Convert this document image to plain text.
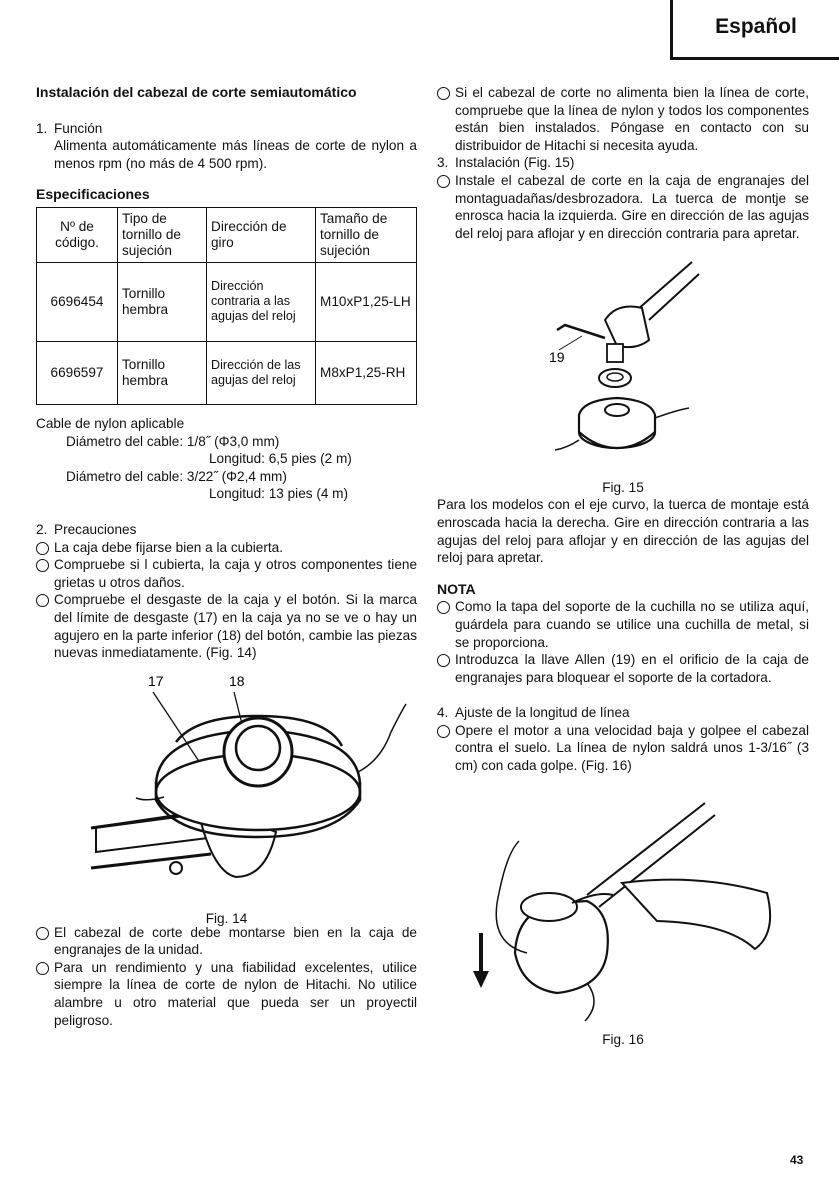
Español
Instalación del cabezal de corte semiautomático
1. Función
Alimenta automáticamente más líneas de corte de nylon a menos rpm (no más de 4 500 rpm).
Especificaciones
Nº de código.	Tipo de tornillo de sujeción	Dirección de giro	Tamaño de tornillo de sujeción
6696454	Tornillo hembra	Dirección contraria a las agujas del reloj	M10xP1,25-LH
6696597	Tornillo hembra	Dirección de las agujas del reloj	M8xP1,25-RH
Cable de nylon aplicable
Diámetro del cable: 1/8˝ (Φ3,0 mm)
Longitud: 6,5 pies (2 m)
Diámetro del cable: 3/22˝ (Φ2,4 mm)
Longitud: 13 pies (4 m)
2. Precauciones
La caja debe fijarse bien a la cubierta.
Compruebe si l cubierta, la caja y otros componentes tiene grietas u otros daños.
Compruebe el desgaste de la caja y el botón. Si la marca del límite de desgaste (17) en la caja ya no se ve o hay un agujero en la parte inferior (18) del botón, cambie las piezas nuevas inmediatamente. (Fig. 14)
17	18
Fig. 14
El cabezal de corte debe montarse bien en la caja de engranajes de la unidad.
Para un rendimiento y una fiabilidad excelentes, utilice siempre la línea de corte de nylon de Hitachi. No utilice alambre u otro material que pueda ser un proyectil peligroso.
Si el cabezal de corte no alimenta bien la línea de corte, compruebe que la línea de nylon y todos los componentes están bien instalados. Póngase en contacto con su distribuidor de Hitachi si necesita ayuda.
3. Instalación (Fig. 15)
Instale el cabezal de corte en la caja de engranajes del montaguadañas/desbrozadora. La tuerca de montje se enrosca hacia la izquierda. Gire en dirección de las agujas del reloj para aflojar y en dirección contraria para apretar.
19
Fig. 15
Para los modelos con el eje curvo, la tuerca de montaje está enroscada hacia la derecha. Gire en dirección contraria a las agujas del reloj para aflojar y en dirección de las agujas del reloj para apretar.
NOTA
Como la tapa del soporte de la cuchilla no se utiliza aquí, guárdela para cuando se utilice una cuchilla de metal, si se proporciona.
Introduzca la llave Allen (19) en el orificio de la caja de engranajes para bloquear el soporte de la cortadora.
4. Ajuste de la longitud de línea
Opere el motor a una velocidad baja y golpee el cabezal contra el suelo. La línea de nylon saldrá unos 1-3/16˝ (3 cm) con cada golpe. (Fig. 16)
Fig. 16
43
